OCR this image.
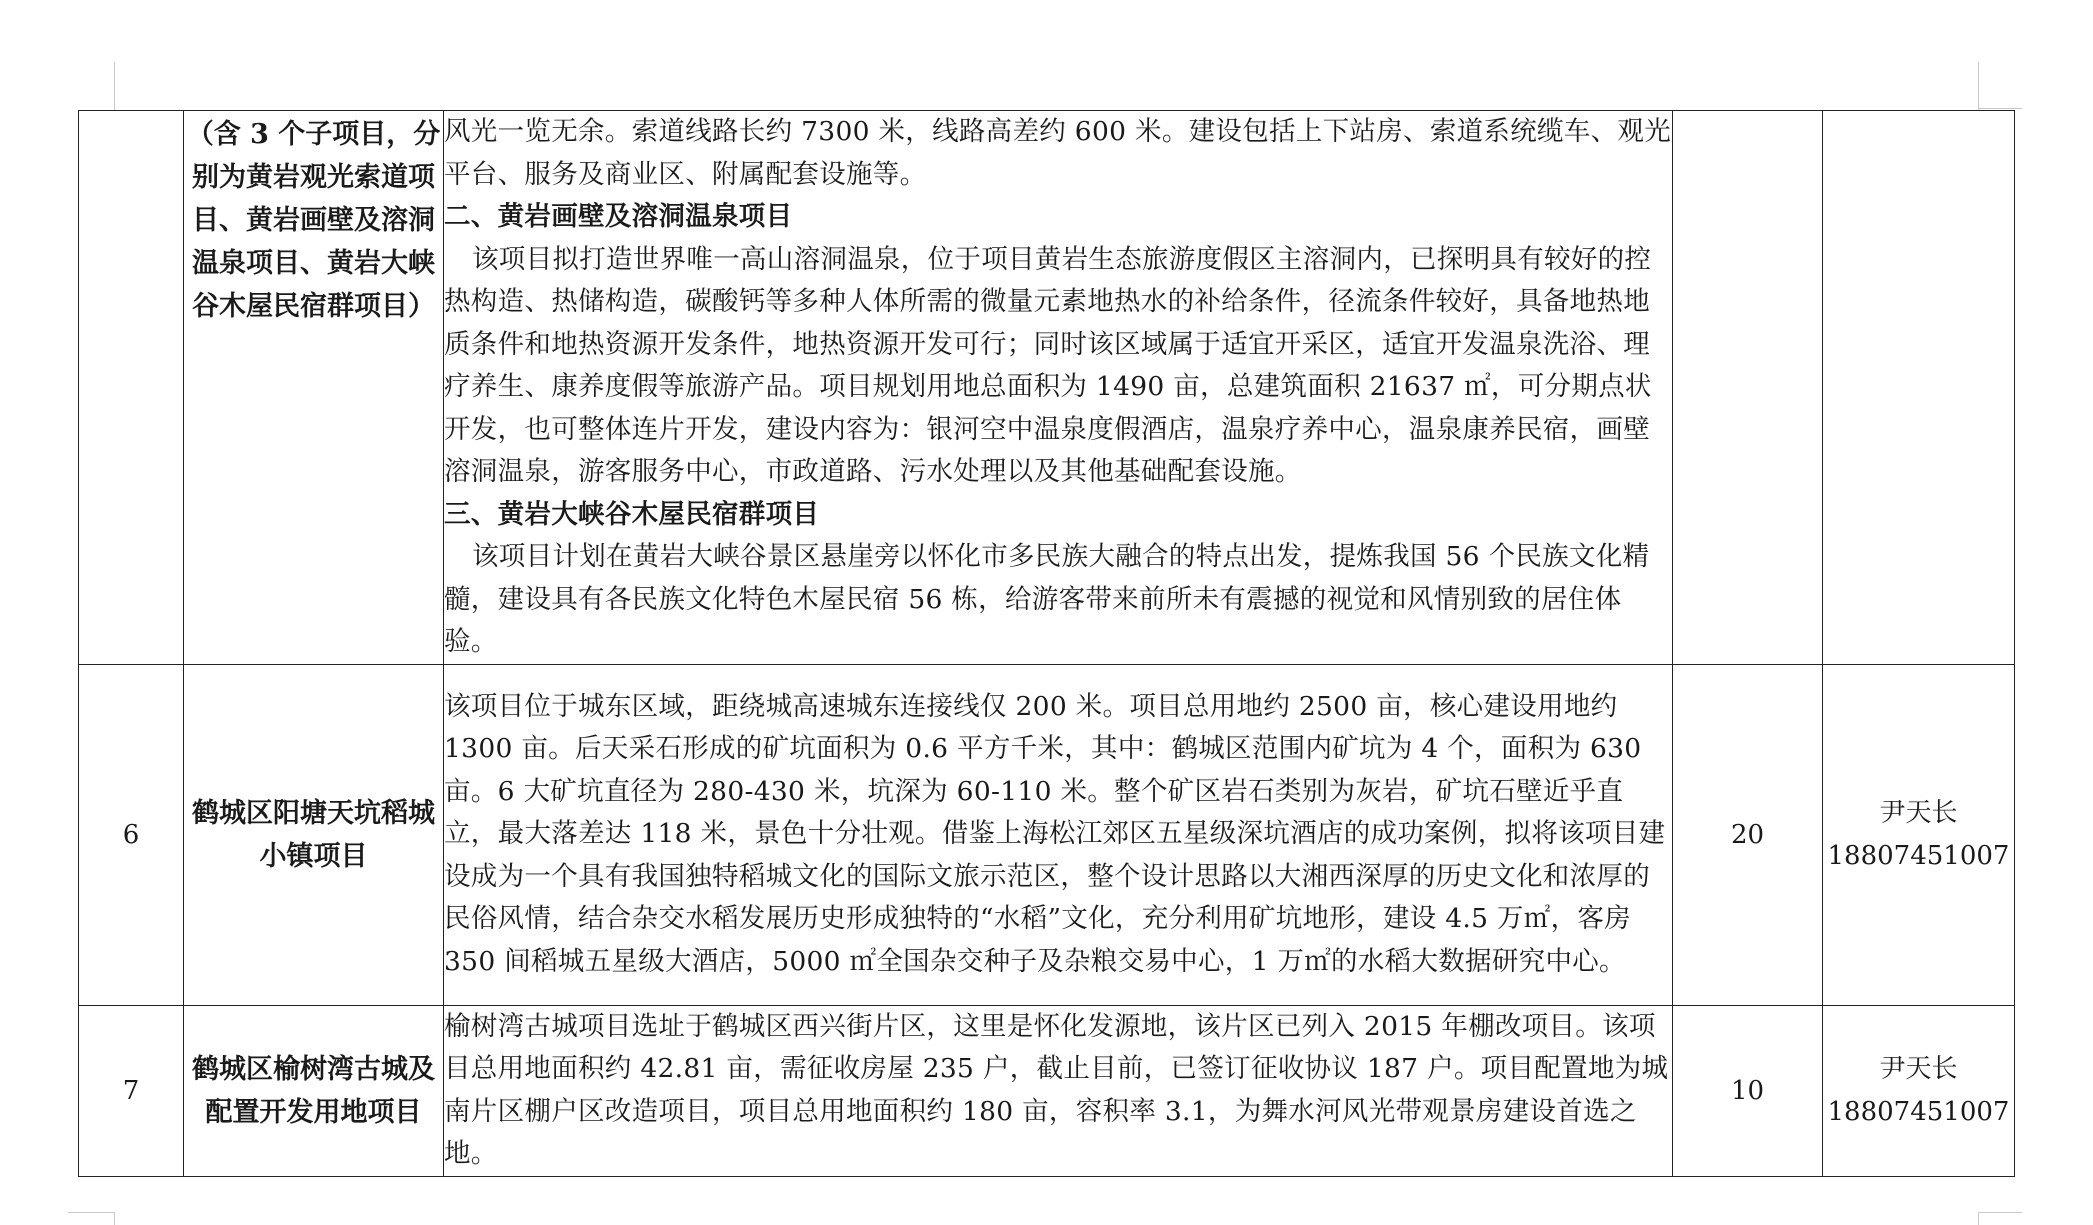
	（含 3 个子项目，分别为黄岩观光索道项目、黄岩画壁及溶洞温泉项目、黄岩大峡谷木屋民宿群项目）	风光一览无余。索道线路长约 7300 米，线路高差约 600 米。建设包括上下站房、索道系统缆车、观光平台、服务及商业区、附属配套设施等。

二、黄岩画壁及溶洞温泉项目

该项目拟打造世界唯一高山溶洞温泉，位于项目黄岩生态旅游度假区主溶洞内，已探明具有较好的控热构造、热储构造，碳酸钙等多种人体所需的微量元素地热水的补给条件，径流条件较好，具备地热地质条件和地热资源开发条件，地热资源开发可行；同时该区域属于适宜开采区，适宜开发温泉洗浴、理疗养生、康养度假等旅游产品。项目规划用地总面积为 1490 亩，总建筑面积 21637 ㎡，可分期点状开发，也可整体连片开发，建设内容为：银河空中温泉度假酒店，温泉疗养中心，温泉康养民宿，画壁溶洞温泉，游客服务中心，市政道路、污水处理以及其他基础配套设施。

三、黄岩大峡谷木屋民宿群项目

该项目计划在黄岩大峡谷景区悬崖旁以怀化市多民族大融合的特点出发，提炼我国 56 个民族文化精髓，建设具有各民族文化特色木屋民宿 56 栋，给游客带来前所未有震撼的视觉和风情别致的居住体验。		

6	鹤城区阳塘天坑稻城小镇项目	该项目位于城东区域，距绕城高速城东连接线仅 200 米。项目总用地约 2500 亩，核心建设用地约 1300 亩。后天采石形成的矿坑面积为 0.6 平方千米，其中：鹤城区范围内矿坑为 4 个，面积为 630 亩。6 大矿坑直径为 280-430 米，坑深为 60-110 米。整个矿区岩石类别为灰岩，矿坑石壁近乎直立，最大落差达 118 米，景色十分壮观。借鉴上海松江郊区五星级深坑酒店的成功案例，拟将该项目建设成为一个具有我国独特稻城文化的国际文旅示范区，整个设计思路以大湘西深厚的历史文化和浓厚的民俗风情，结合杂交水稻发展历史形成独特的“水稻”文化，充分利用矿坑地形，建设 4.5 万㎡，客房 350 间稻城五星级大酒店，5000 ㎡全国杂交种子及杂粮交易中心，1 万㎡的水稻大数据研究中心。	20	尹天长
18807451007

7	鹤城区榆树湾古城及配置开发用地项目	榆树湾古城项目选址于鹤城区西兴街片区，这里是怀化发源地，该片区已列入 2015 年棚改项目。该项目总用地面积约 42.81 亩，需征收房屋 235 户，截止目前，已签订征收协议 187 户。项目配置地为城南片区棚户区改造项目，项目总用地面积约 180 亩，容积率 3.1，为舞水河风光带观景房建设首选之地。	10	尹天长
18807451007
